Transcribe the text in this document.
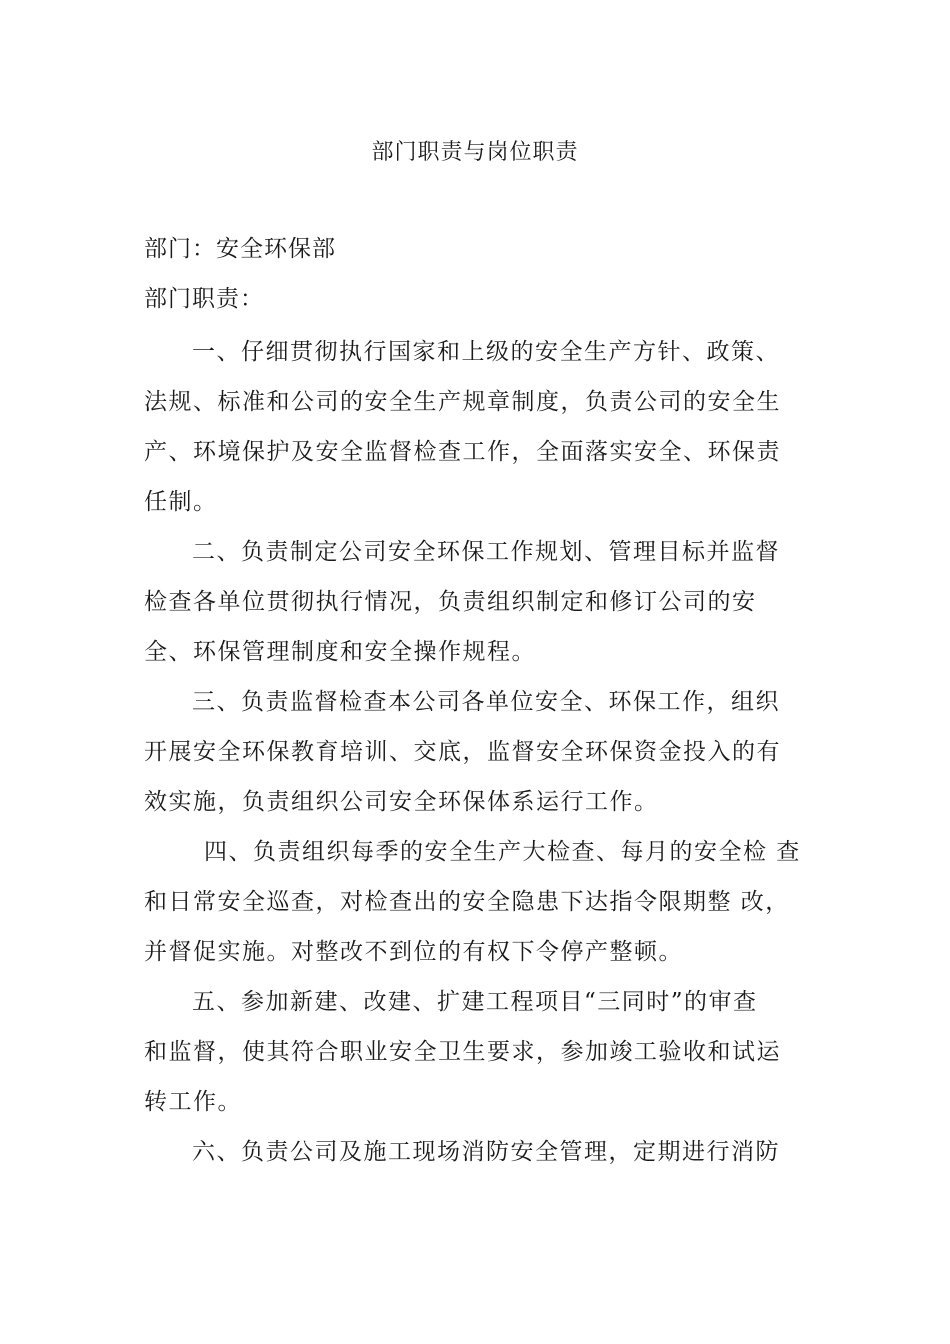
部门职责与岗位职责
部门：安全环保部
部门职责：
一、仔细贯彻执行国家和上级的安全生产方针、政策、
法规、标准和公司的安全生产规章制度，负责公司的安全生
产、环境保护及安全监督检查工作，全面落实安全、环保责
任制。
二、负责制定公司安全环保工作规划、管理目标并监督
检查各单位贯彻执行情况，负责组织制定和修订公司的安
全、环保管理制度和安全操作规程。
三、负责监督检查本公司各单位安全、环保工作，组织
开展安全环保教育培训、交底，监督安全环保资金投入的有
效实施，负责组织公司安全环保体系运行工作。
四、负责组织每季的安全生产大检查、每月的安全检 查
和日常安全巡查，对检查出的安全隐患下达指令限期整 改，
并督促实施。对整改不到位的有权下令停产整顿。
五、参加新建、改建、扩建工程项目“三同时”的审查
和监督，使其符合职业安全卫生要求，参加竣工验收和试运
转工作。
六、负责公司及施工现场消防安全管理，定期进行消防
